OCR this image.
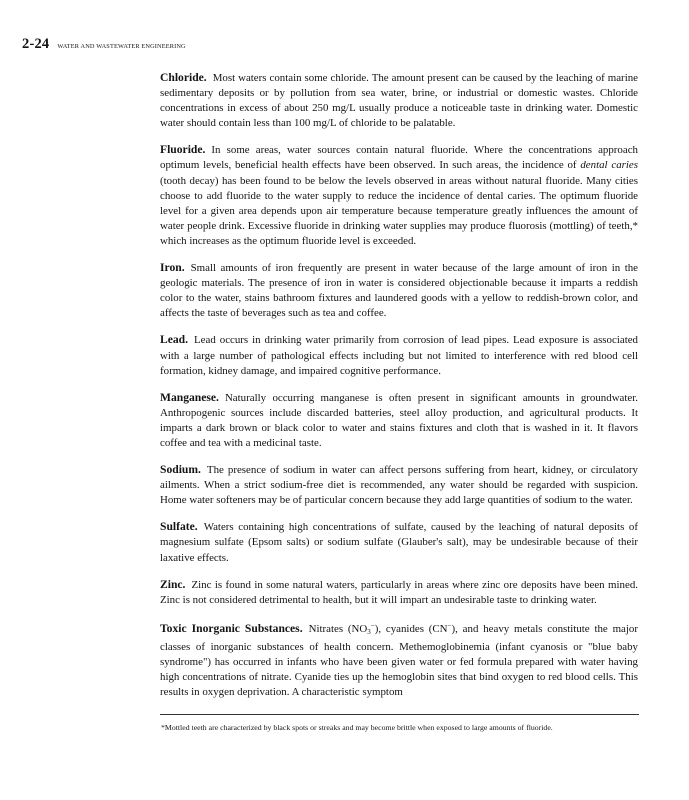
2-24 WATER AND WASTEWATER ENGINEERING

Chloride. Most waters contain some chloride. The amount present can be caused by the leaching of marine sedimentary deposits or by pollution from sea water, brine, or industrial or domestic wastes. Chloride concentrations in excess of about 250 mg/L usually produce a noticeable taste in drinking water. Domestic water should contain less than 100 mg/L of chloride to be palatable.

Fluoride. In some areas, water sources contain natural fluoride. Where the concentrations approach optimum levels, beneficial health effects have been observed. In such areas, the incidence of dental caries (tooth decay) has been found to be below the levels observed in areas without natural fluoride. Many cities choose to add fluoride to the water supply to reduce the incidence of dental caries. The optimum fluoride level for a given area depends upon air temperature because temperature greatly influences the amount of water people drink. Excessive fluoride in drinking water supplies may produce fluorosis (mottling) of teeth,* which increases as the optimum fluoride level is exceeded.

Iron. Small amounts of iron frequently are present in water because of the large amount of iron in the geologic materials. The presence of iron in water is considered objectionable because it imparts a reddish color to the water, stains bathroom fixtures and laundered goods with a yellow to reddish-brown color, and affects the taste of beverages such as tea and coffee.

Lead. Lead occurs in drinking water primarily from corrosion of lead pipes. Lead exposure is associated with a large number of pathological effects including but not limited to interference with red blood cell formation, kidney damage, and impaired cognitive performance.

Manganese. Naturally occurring manganese is often present in significant amounts in groundwater. Anthropogenic sources include discarded batteries, steel alloy production, and agricultural products. It imparts a dark brown or black color to water and stains fixtures and cloth that is washed in it. It flavors coffee and tea with a medicinal taste.

Sodium. The presence of sodium in water can affect persons suffering from heart, kidney, or circulatory ailments. When a strict sodium-free diet is recommended, any water should be regarded with suspicion. Home water softeners may be of particular concern because they add large quantities of sodium to the water.

Sulfate. Waters containing high concentrations of sulfate, caused by the leaching of natural deposits of magnesium sulfate (Epsom salts) or sodium sulfate (Glauber's salt), may be undesirable because of their laxative effects.

Zinc. Zinc is found in some natural waters, particularly in areas where zinc ore deposits have been mined. Zinc is not considered detrimental to health, but it will impart an undesirable taste to drinking water.

Toxic Inorganic Substances. Nitrates $(NO_3^-)$, cyanides (CN−), and heavy metals constitute the major classes of inorganic substances of health concern. Methemoglobinemia (infant cyanosis or "blue baby syndrome") has occurred in infants who have been given water or fed formula prepared with water having high concentrations of nitrate. Cyanide ties up the hemoglobin sites that bind oxygen to red blood cells. This results in oxygen deprivation. A characteristic symptom

*Mottled teeth are characterized by black spots or streaks and may become brittle when exposed to large amounts of fluoride.
